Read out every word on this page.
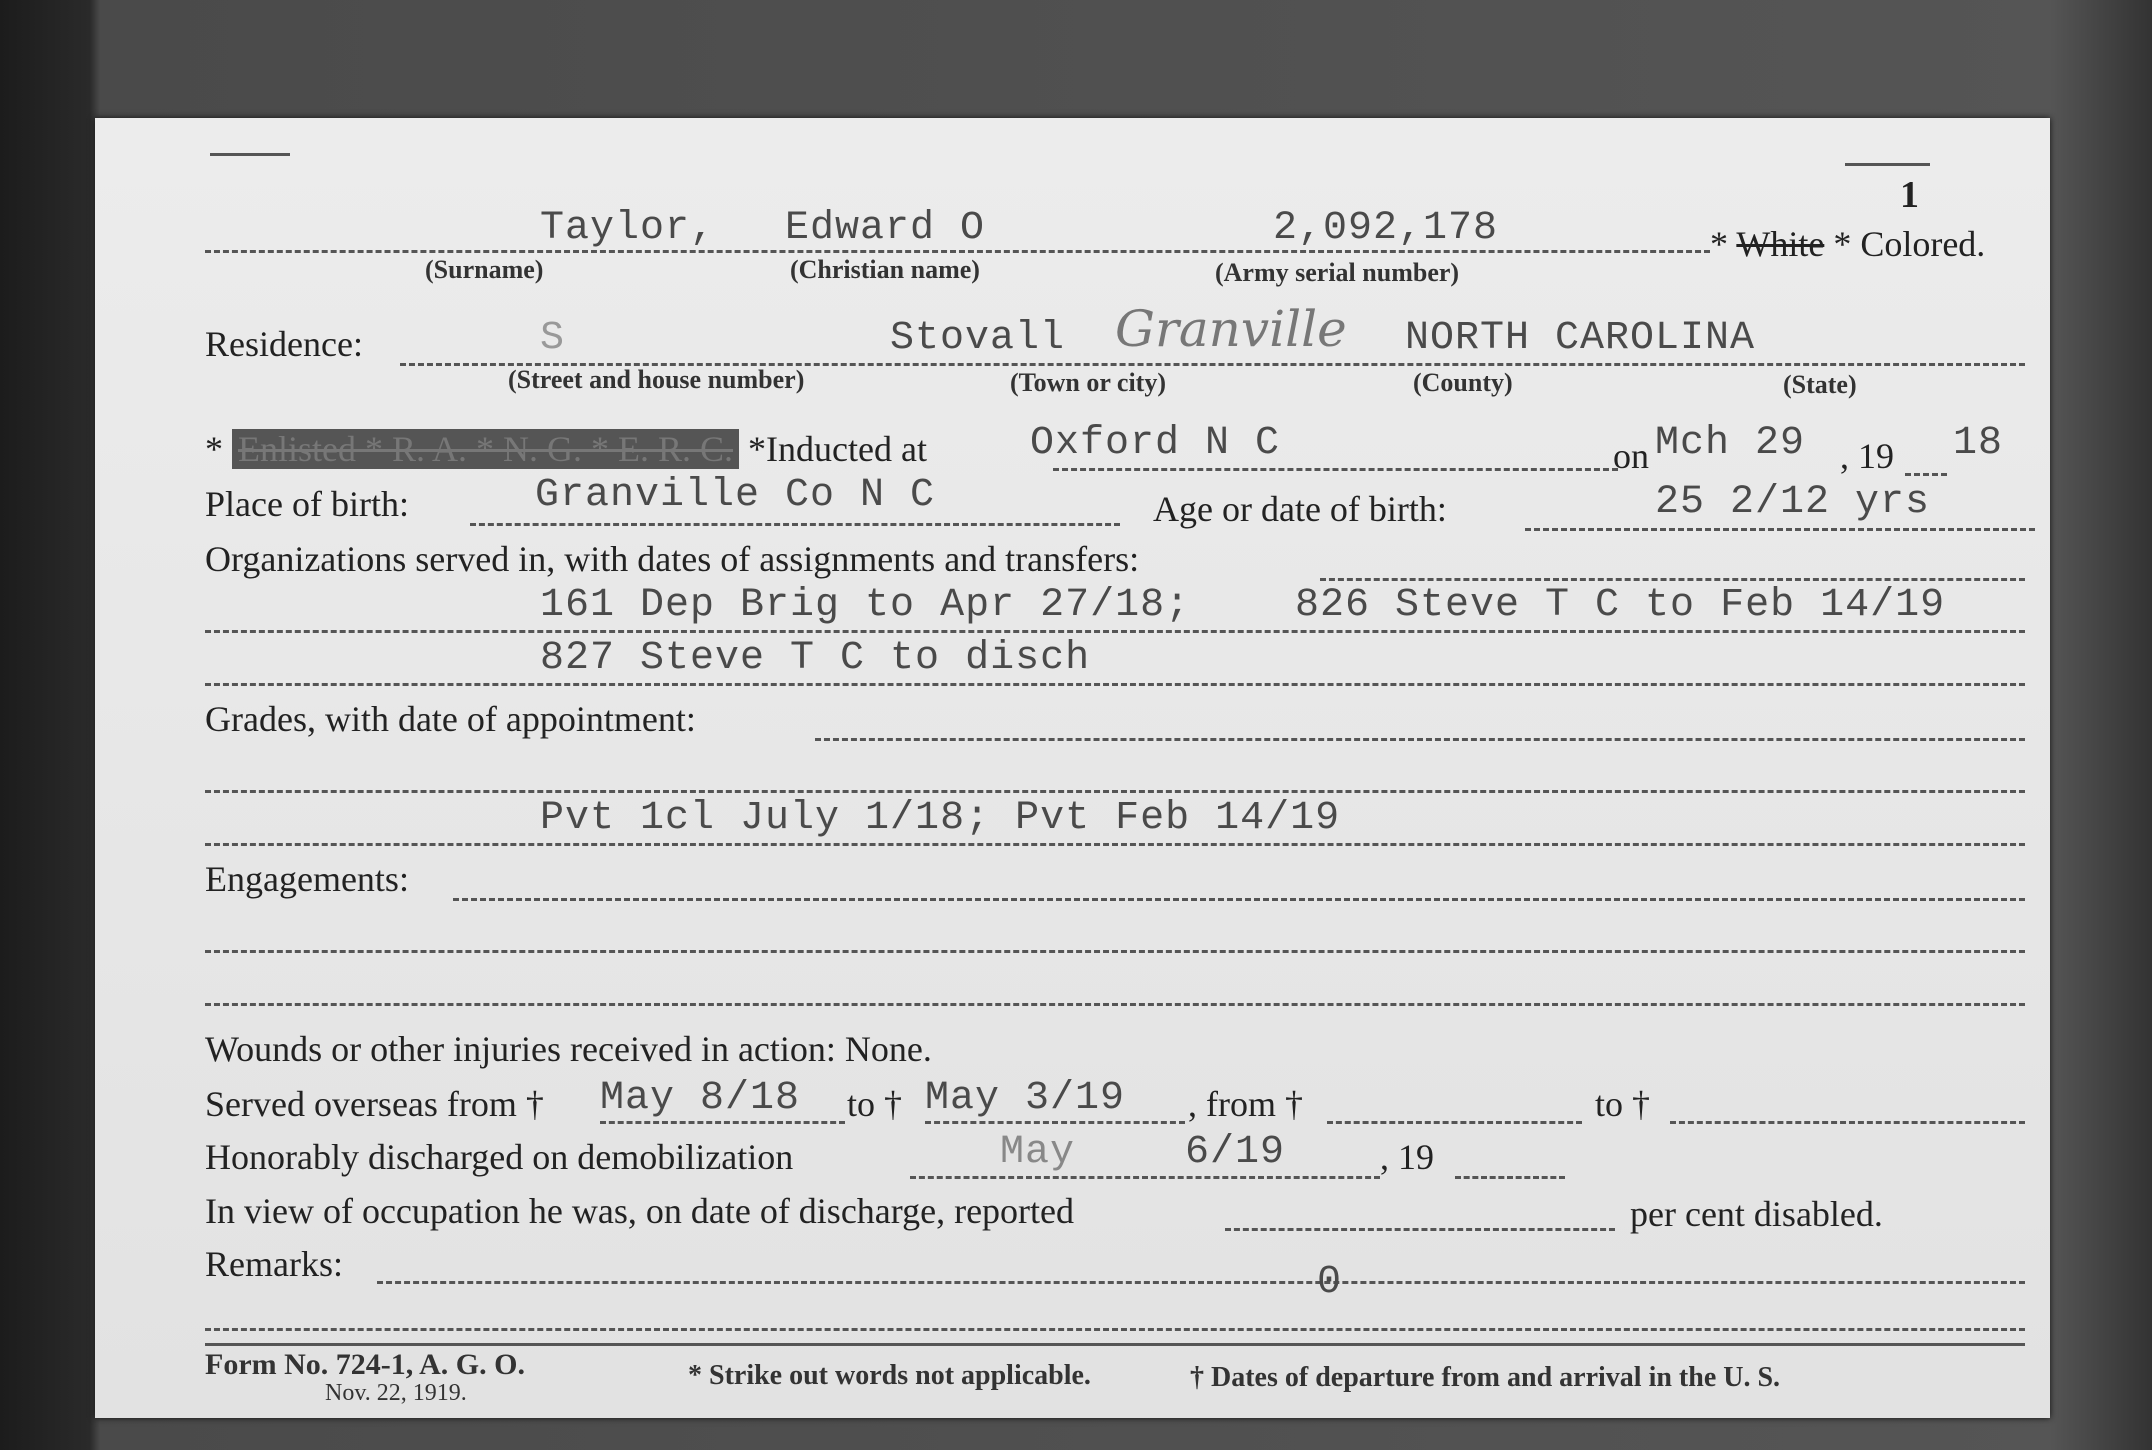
1
Taylor, Edward O	2,092,178	* White * Colored.
(Surname)	(Christian name)	(Army serial number)
Residence:	S	Stovall Granville NORTH CAROLINA
(Street and house number)	(Town or city)	(County)	(State)
* Enlisted * R. A. * N. G. * E. R. C. *Inducted at	Oxford N C	on Mch 29 , 19 18
Place of birth:	Granville Co N C	Age or date of birth:	25 2/12 yrs
Organizations served in, with dates of assignments and transfers:
161 Dep Brig to Apr 27/18;	826 Steve T C to Feb 14/19
827 Steve T C to disch
Grades, with date of appointment:
Pvt 1cl July 1/18; Pvt Feb 14/19
Engagements:
Wounds or other injuries received in action: None.
Served overseas from † May 8/18 to † May 3/19 , from †	to †
Honorably discharged on demobilization	May	6/19	, 19
In view of occupation he was, on date of discharge, reported	per cent disabled.
Remarks:	0
Form No. 724-1, A. G. O.
Nov. 22, 1919.
* Strike out words not applicable.	† Dates of departure from and arrival in the U. S.
